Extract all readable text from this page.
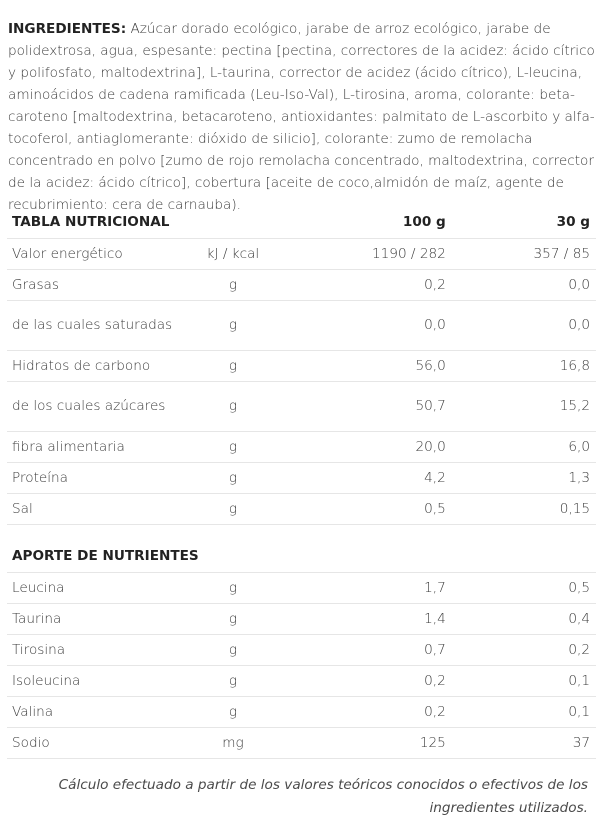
INGREDIENTES: Azúcar dorado ecológico, jarabe de arroz ecológico, jarabe de polidextrosa, agua, espesante: pectina [pectina, correctores de la acidez: ácido cítrico y polifosfato, maltodextrina], L-taurina, corrector de acidez (ácido cítrico), L-leucina, aminoácidos de cadena ramificada (Leu-Iso-Val), L-tirosina, aroma, colorante: beta-caroteno [maltodextrina, betacaroteno, antioxidantes: palmitato de L-ascorbito y alfa-tocoferol, antiaglomerante: dióxido de silicio], colorante: zumo de remolacha concentrado en polvo [zumo de rojo remolacha concentrado, maltodextrina, corrector de la acidez: ácido cítrico], cobertura [aceite de coco,almidón de maíz, agente de recubrimiento: cera de carnauba).

TABLA NUTRICIONAL		100 g	30 g
Valor energético	kJ / kcal	1190 / 282	357 / 85
Grasas	g	0,2	0,0
de las cuales saturadas	g	0,0	0,0
Hidratos de carbono	g	56,0	16,8
de los cuales azúcares	g	50,7	15,2
fibra alimentaria	g	20,0	6,0
Proteína	g	4,2	1,3
Sal	g	0,5	0,15
APORTE DE NUTRIENTES			
Leucina	g	1,7	0,5
Taurina	g	1,4	0,4
Tirosina	g	0,7	0,2
Isoleucina	g	0,2	0,1
Valina	g	0,2	0,1
Sodio	mg	125	37
Cálculo efectuado a partir de los valores teóricos conocidos o efectivos de los ingredientes utilizados.
